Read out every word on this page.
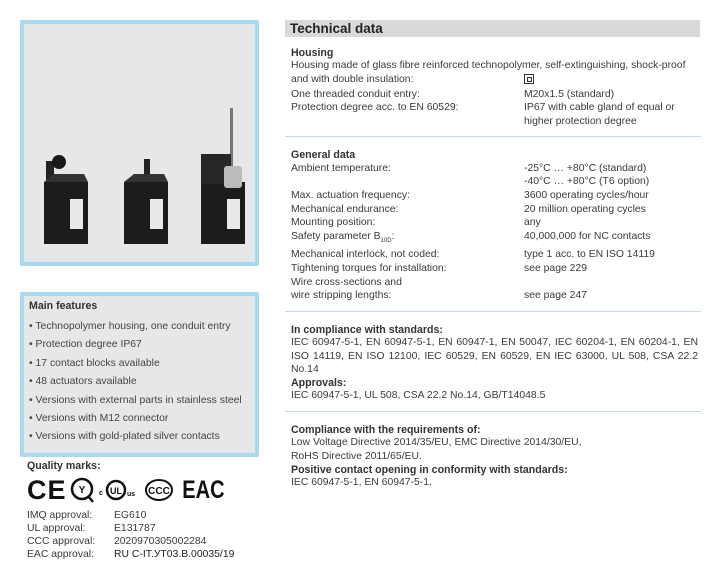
Main features
• Technopolymer housing, one conduit entry
• Protection degree IP67
• 17 contact blocks available
• 48 actuators available
• Versions with external parts in stainless steel
• Versions with M12 connector
• Versions with gold-plated silver contacts
Quality marks:
CE Y c UL us CCC EAC
IMQ approval:	EG610
UL approval:	E131787
CCC approval:	2020970305002284
EAC approval:	RU C-IT.УТ03.B.00035/19
Technical data
Housing
Housing made of glass fibre reinforced technopolymer, self-extinguishing, shock-proof
and with double insulation:
One threaded conduit entry:	M20x1.5 (standard)
Protection degree acc. to EN 60529:	IP67 with cable gland of equal or
higher protection degree
General data
Ambient temperature:	-25°C … +80°C (standard)
-40°C … +80°C (T6 option)
Max. actuation frequency:	3600 operating cycles/hour
Mechanical endurance:	20 million operating cycles
Mounting position:	any
Safety parameter $B_{10D}$:	40,000,000 for NC contacts
Mechanical interlock, not coded:	type 1 acc. to EN ISO 14119
Tightening torques for installation:	see page 229
Wire cross-sections and
wire stripping lengths:	see page 247
In compliance with standards:
IEC 60947-5-1, EN 60947-5-1, EN 60947-1, EN 50047, IEC 60204-1, EN 60204-1, EN ISO 14119, EN ISO 12100, IEC 60529, EN 60529, EN IEC 63000, UL 508, CSA 22.2 No.14
Approvals:
IEC 60947-5-1, UL 508, CSA 22.2 No.14, GB/T14048.5
Compliance with the requirements of:
Low Voltage Directive 2014/35/EU, EMC Directive 2014/30/EU,
RoHS Directive 2011/65/EU.
Positive contact opening in conformity with standards:
IEC 60947-5-1, EN 60947-5-1.
